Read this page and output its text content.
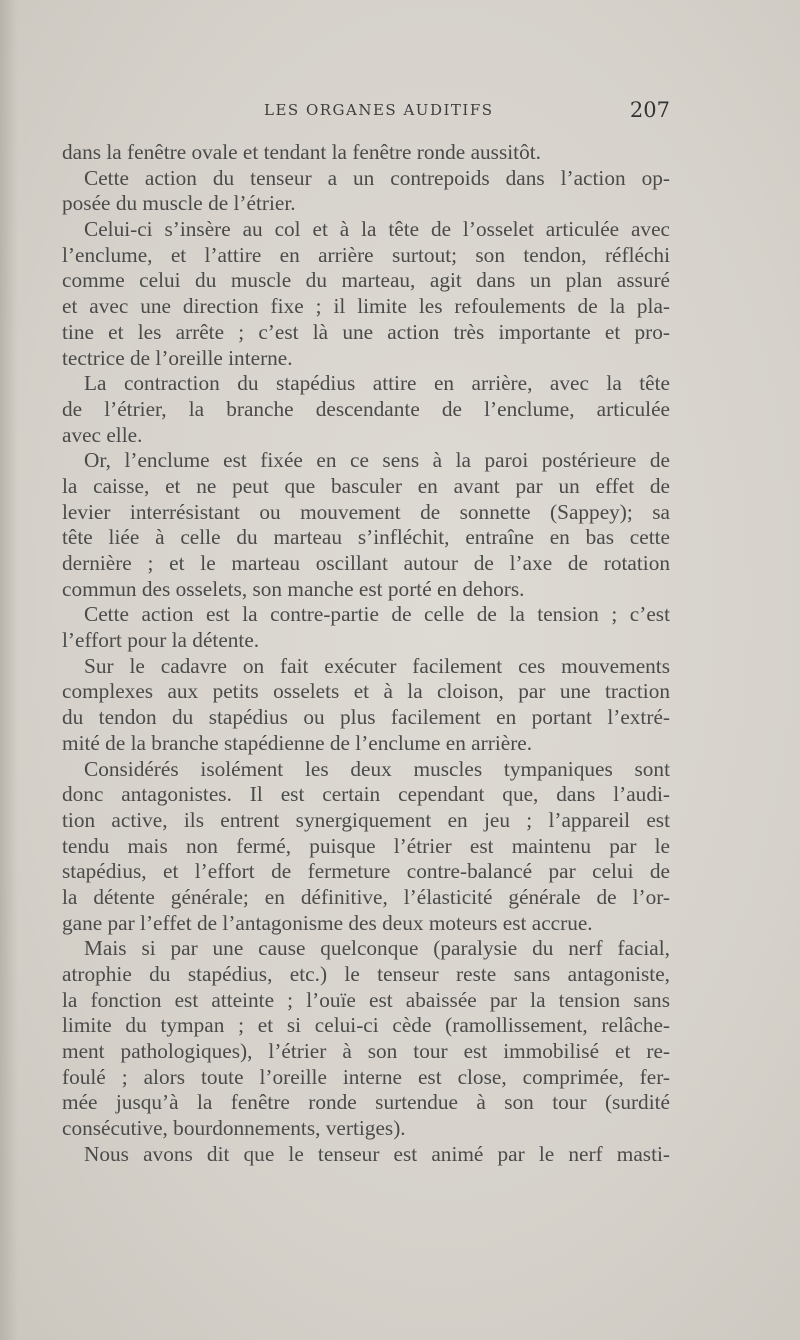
LES ORGANES AUDITIFS	207
dans la fenêtre ovale et tendant la fenêtre ronde aussitôt.
Cette action du tenseur a un contrepoids dans l’action op-
posée du muscle de l’étrier.
Celui-ci s’insère au col et à la tête de l’osselet articulée avec
l’enclume, et l’attire en arrière surtout; son tendon, réfléchi
comme celui du muscle du marteau, agit dans un plan assuré
et avec une direction fixe ; il limite les refoulements de la pla-
tine et les arrête ; c’est là une action très importante et pro-
tectrice de l’oreille interne.
La contraction du stapédius attire en arrière, avec la tête
de l’étrier, la branche descendante de l’enclume, articulée
avec elle.
Or, l’enclume est fixée en ce sens à la paroi postérieure de
la caisse, et ne peut que basculer en avant par un effet de
levier interrésistant ou mouvement de sonnette (Sappey); sa
tête liée à celle du marteau s’infléchit, entraîne en bas cette
dernière ; et le marteau oscillant autour de l’axe de rotation
commun des osselets, son manche est porté en dehors.
Cette action est la contre-partie de celle de la tension ; c’est
l’effort pour la détente.
Sur le cadavre on fait exécuter facilement ces mouvements
complexes aux petits osselets et à la cloison, par une traction
du tendon du stapédius ou plus facilement en portant l’extré-
mité de la branche stapédienne de l’enclume en arrière.
Considérés isolément les deux muscles tympaniques sont
donc antagonistes. Il est certain cependant que, dans l’audi-
tion active, ils entrent synergiquement en jeu ; l’appareil est
tendu mais non fermé, puisque l’étrier est maintenu par le
stapédius, et l’effort de fermeture contre-balancé par celui de
la détente générale; en définitive, l’élasticité générale de l’or-
gane par l’effet de l’antagonisme des deux moteurs est accrue.
Mais si par une cause quelconque (paralysie du nerf facial,
atrophie du stapédius, etc.) le tenseur reste sans antagoniste,
la fonction est atteinte ; l’ouïe est abaissée par la tension sans
limite du tympan ; et si celui-ci cède (ramollissement, relâche-
ment pathologiques), l’étrier à son tour est immobilisé et re-
foulé ; alors toute l’oreille interne est close, comprimée, fer-
mée jusqu’à la fenêtre ronde surtendue à son tour (surdité
consécutive, bourdonnements, vertiges).
Nous avons dit que le tenseur est animé par le nerf masti-
